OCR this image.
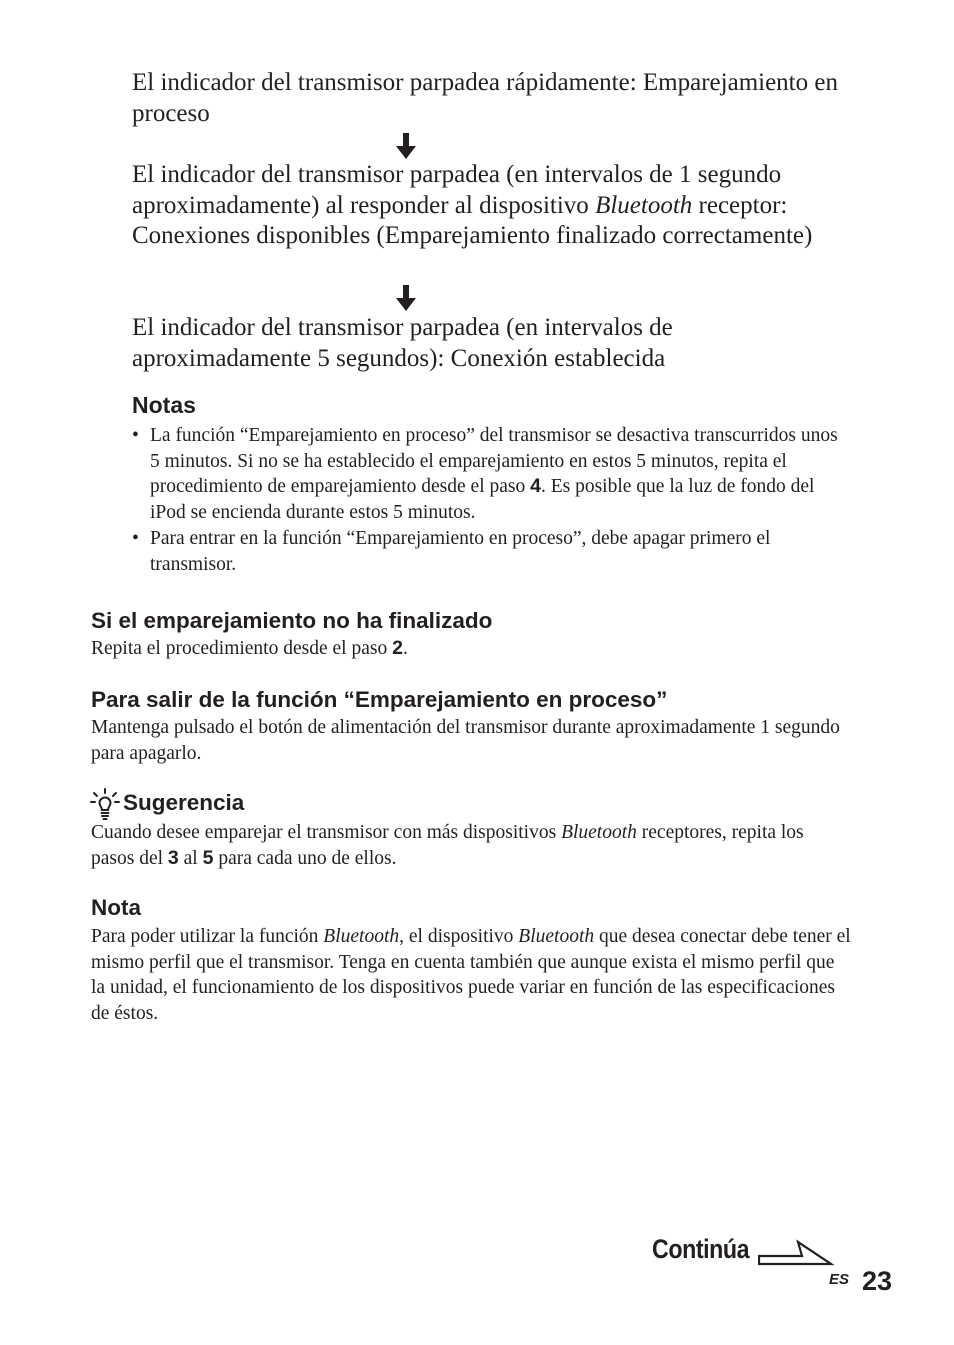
El indicador del transmisor parpadea rápidamente: Emparejamiento en proceso

El indicador del transmisor parpadea (en intervalos de 1 segundo aproximadamente) al responder al dispositivo Bluetooth receptor: Conexiones disponibles (Emparejamiento finalizado correctamente)

El indicador del transmisor parpadea (en intervalos de aproximadamente 5 segundos): Conexión establecida

Notas
• La función “Emparejamiento en proceso” del transmisor se desactiva transcurridos unos 5 minutos. Si no se ha establecido el emparejamiento en estos 5 minutos, repita el procedimiento de emparejamiento desde el paso 4. Es posible que la luz de fondo del iPod se encienda durante estos 5 minutos.
• Para entrar en la función “Emparejamiento en proceso”, debe apagar primero el transmisor.
Si el emparejamiento no ha finalizado

Repita el procedimiento desde el paso 2.

Para salir de la función “Emparejamiento en proceso”

Mantenga pulsado el botón de alimentación del transmisor durante aproximadamente 1 segundo para apagarlo.

Sugerencia

Cuando desee emparejar el transmisor con más dispositivos Bluetooth receptores, repita los pasos del 3 al 5 para cada uno de ellos.

Nota

Para poder utilizar la función Bluetooth, el dispositivo Bluetooth que desea conectar debe tener el mismo perfil que el transmisor. Tenga en cuenta también que aunque exista el mismo perfil que la unidad, el funcionamiento de los dispositivos puede variar en función de las especificaciones de éstos.

Continúa
ES 23
